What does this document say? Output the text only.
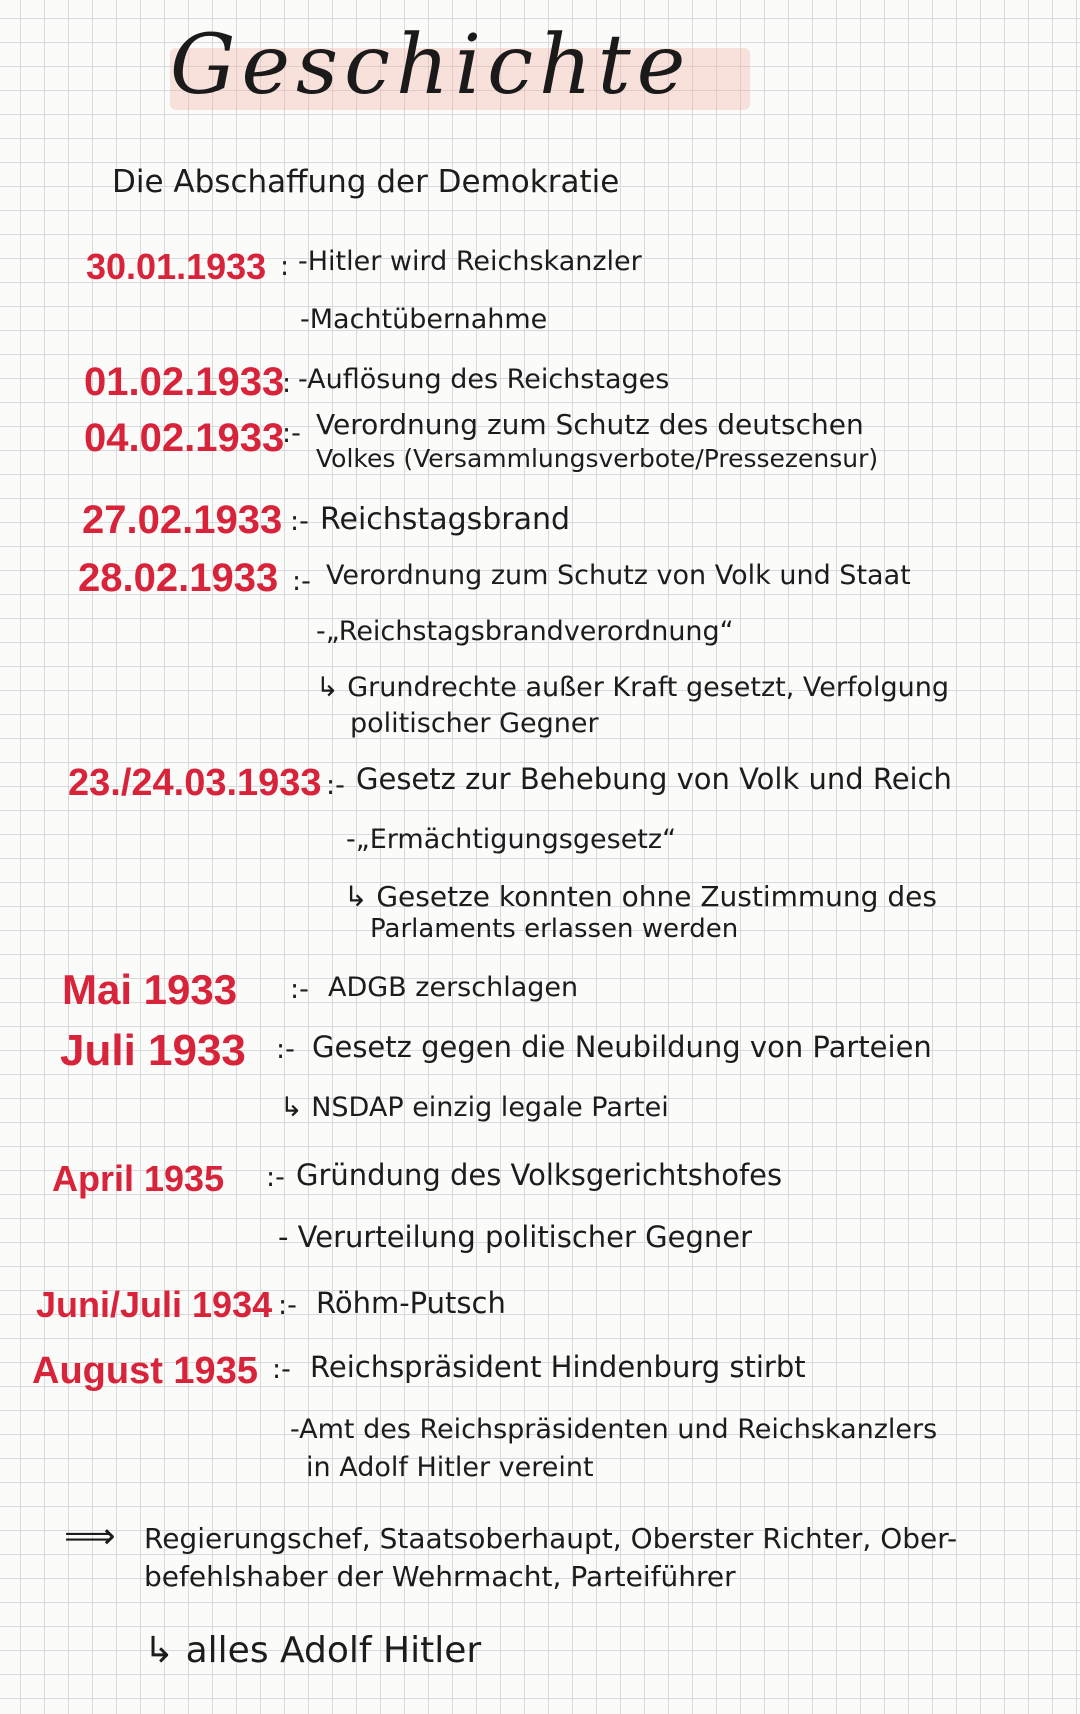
Geschichte
Die Abschaffung der Demokratie
30.01.1933 : -Hitler wird Reichskanzler
-Machtübernahme
01.02.1933
: -Auflösung des Reichstages
04.02.1933
:- Verordnung zum Schutz des deutschen
Volkes (Versammlungsverbote/Pressezensur)
27.02.1933 :- Reichstagsbrand
28.02.1933 :- Verordnung zum Schutz von Volk und Staat
-„Reichstagsbrandverordnung“
↳ Grundrechte außer Kraft gesetzt, Verfolgung
politischer Gegner
23./24.03.1933 :- Gesetz zur Behebung von Volk und Reich
-„Ermächtigungsgesetz“
↳ Gesetze konnten ohne Zustimmung des
Parlaments erlassen werden
Mai 1933 :- ADGB zerschlagen
Juli 1933 :- Gesetz gegen die Neubildung von Parteien
↳ NSDAP einzig legale Partei
April 1935 :- Gründung des Volksgerichtshofes
- Verurteilung politischer Gegner
Juni/Juli 1934 :- Röhm-Putsch
August 1935 :- Reichspräsident Hindenburg stirbt
-Amt des Reichspräsidenten und Reichskanzlers
in Adolf Hitler vereint
⟹ Regierungschef, Staatsoberhaupt, Oberster Richter, Ober-
befehlshaber der Wehrmacht, Parteiführer
↳ alles Adolf Hitler
